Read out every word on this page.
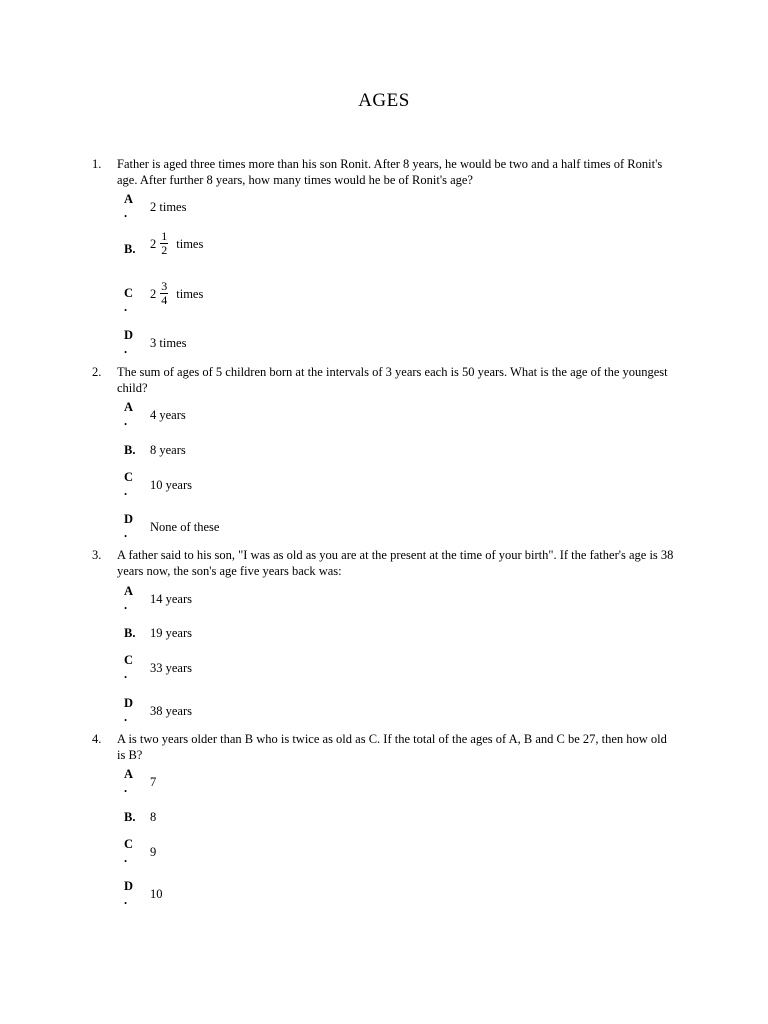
AGES
1. Father is aged three times more than his son Ronit. After 8 years, he would be two and a half times of Ronit's age. After further 8 years, how many times would he be of Ronit's age?
A
.	2 times
B. $2 \frac{1}{2}$ times
C
.
$2 \frac{3}{4}$ times
D
.	3 times
2. The sum of ages of 5 children born at the intervals of 3 years each is 50 years. What is the age of the youngest child?
A
.	4 years
B. 8 years
C
.	10 years
D
.	None of these
3. A father said to his son, "I was as old as you are at the present at the time of your birth". If the father's age is 38 years now, the son's age five years back was:
A
.	14 years
B. 19 years
C
.	33 years
D
.	38 years
4. A is two years older than B who is twice as old as C. If the total of the ages of A, B and C be 27, then how old is B?
A
.	7
B. 8
C
.	9
D
.	10
